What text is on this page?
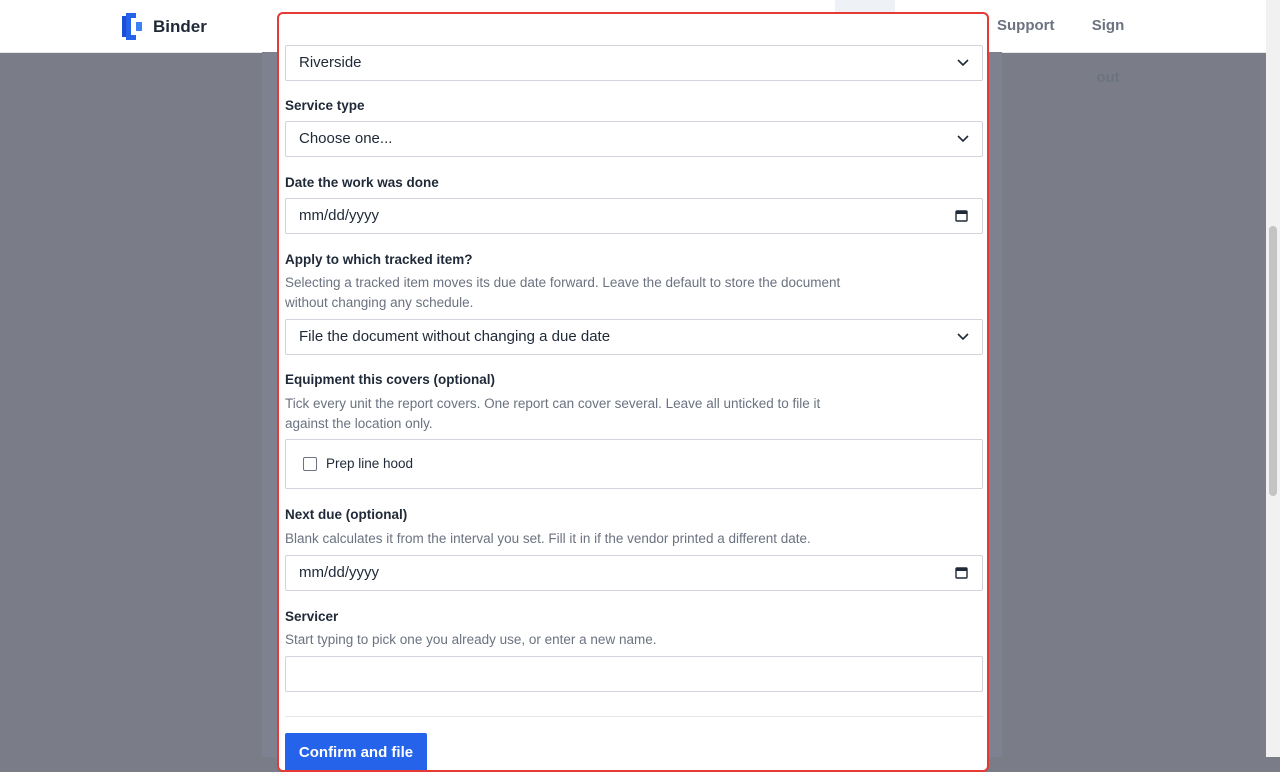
Binder	Support	Sign out
Riverside
Service type
Choose one...
Date the work was done
mm/dd/yyyy
Apply to which tracked item?
Selecting a tracked item moves its due date forward. Leave the default to store the document without changing any schedule.
File the document without changing a due date
Equipment this covers (optional)
Tick every unit the report covers. One report can cover several. Leave all unticked to file it against the location only.
Prep line hood
Next due (optional)
Blank calculates it from the interval you set. Fill it in if the vendor printed a different date.
mm/dd/yyyy
Servicer
Start typing to pick one you already use, or enter a new name.
Confirm and file
